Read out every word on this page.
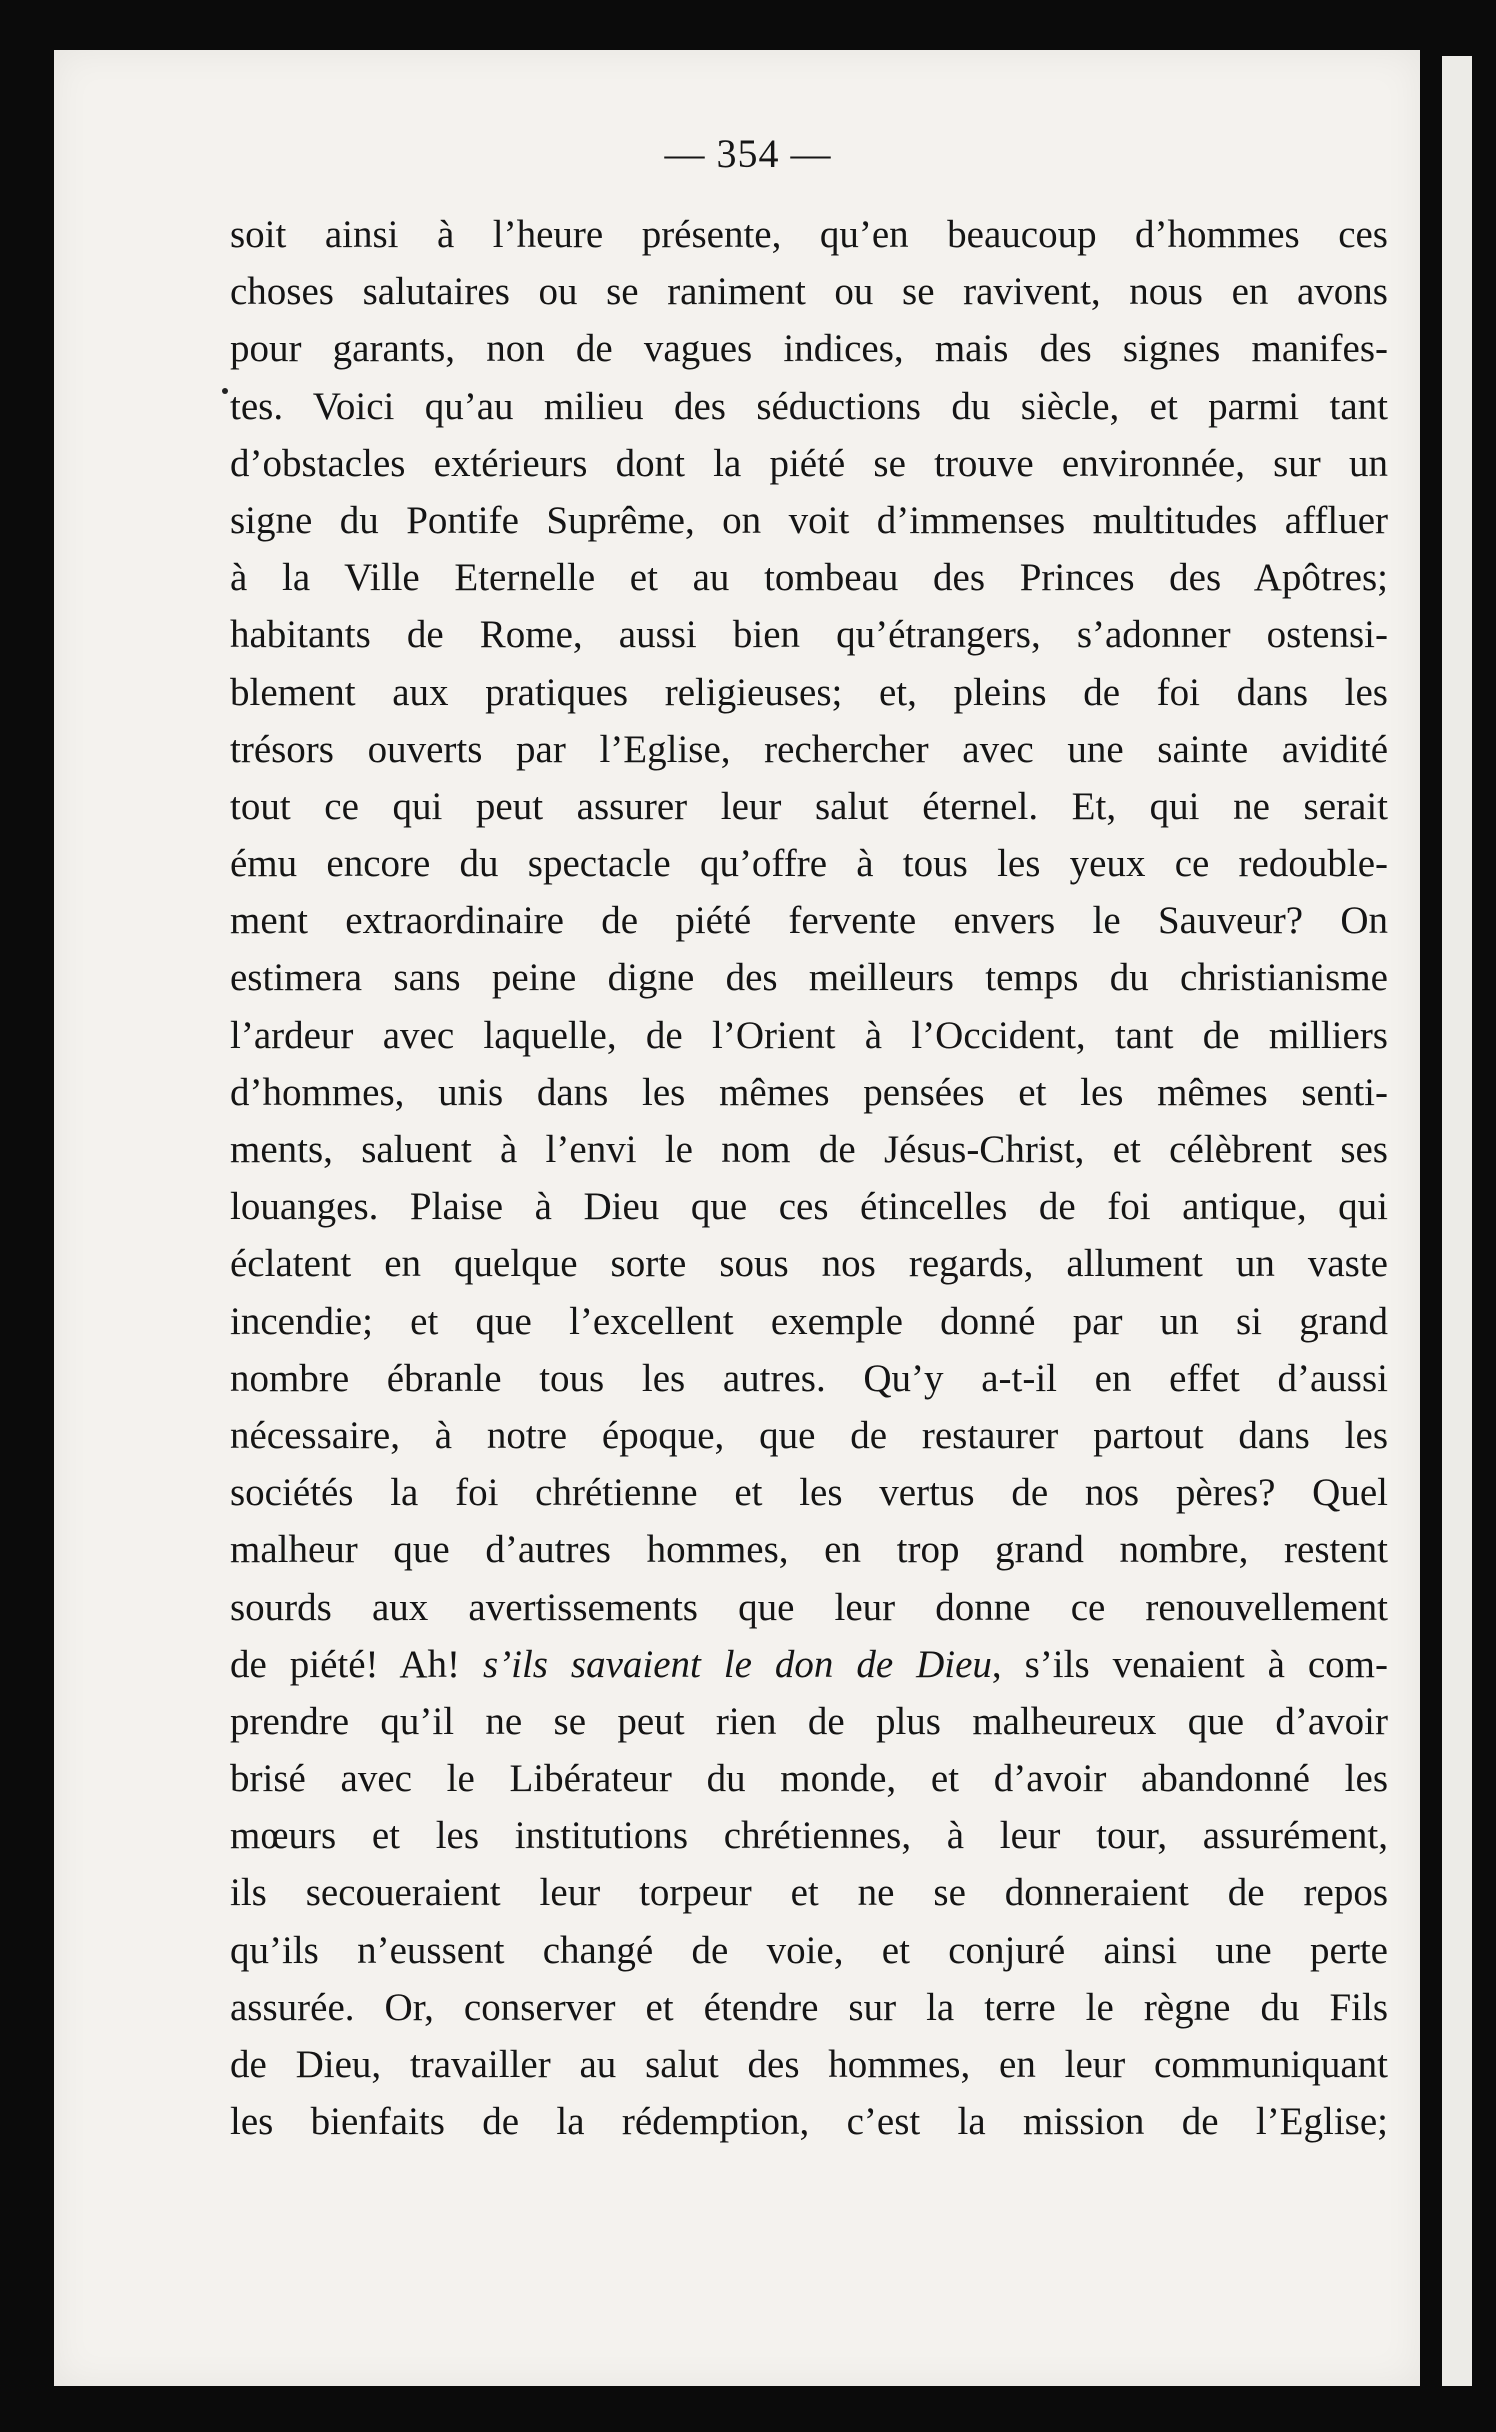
— 354 —
soit ainsi à l’heure présente, qu’en beaucoup d’hommes ces
choses salutaires ou se raniment ou se ravivent, nous en avons
pour garants, non de vagues indices, mais des signes manifes-
tes. Voici qu’au milieu des séductions du siècle, et parmi tant
d’obstacles extérieurs dont la piété se trouve environnée, sur un
signe du Pontife Suprême, on voit d’immenses multitudes affluer
à la Ville Eternelle et au tombeau des Princes des Apôtres;
habitants de Rome, aussi bien qu’étrangers, s’adonner ostensi-
blement aux pratiques religieuses; et, pleins de foi dans les
trésors ouverts par l’Eglise, rechercher avec une sainte avidité
tout ce qui peut assurer leur salut éternel. Et, qui ne serait
ému encore du spectacle qu’offre à tous les yeux ce redouble-
ment extraordinaire de piété fervente envers le Sauveur? On
estimera sans peine digne des meilleurs temps du christianisme
l’ardeur avec laquelle, de l’Orient à l’Occident, tant de milliers
d’hommes, unis dans les mêmes pensées et les mêmes senti-
ments, saluent à l’envi le nom de Jésus-Christ, et célèbrent ses
louanges. Plaise à Dieu que ces étincelles de foi antique, qui
éclatent en quelque sorte sous nos regards, allument un vaste
incendie; et que l’excellent exemple donné par un si grand
nombre ébranle tous les autres. Qu’y a-t-il en effet d’aussi
nécessaire, à notre époque, que de restaurer partout dans les
sociétés la foi chrétienne et les vertus de nos pères? Quel
malheur que d’autres hommes, en trop grand nombre, restent
sourds aux avertissements que leur donne ce renouvellement
de piété! Ah! s’ils savaient le don de Dieu, s’ils venaient à com-
prendre qu’il ne se peut rien de plus malheureux que d’avoir
brisé avec le Libérateur du monde, et d’avoir abandonné les
mœurs et les institutions chrétiennes, à leur tour, assurément,
ils secoueraient leur torpeur et ne se donneraient de repos
qu’ils n’eussent changé de voie, et conjuré ainsi une perte
assurée. Or, conserver et étendre sur la terre le règne du Fils
de Dieu, travailler au salut des hommes, en leur communiquant
les bienfaits de la rédemption, c’est la mission de l’Eglise;
